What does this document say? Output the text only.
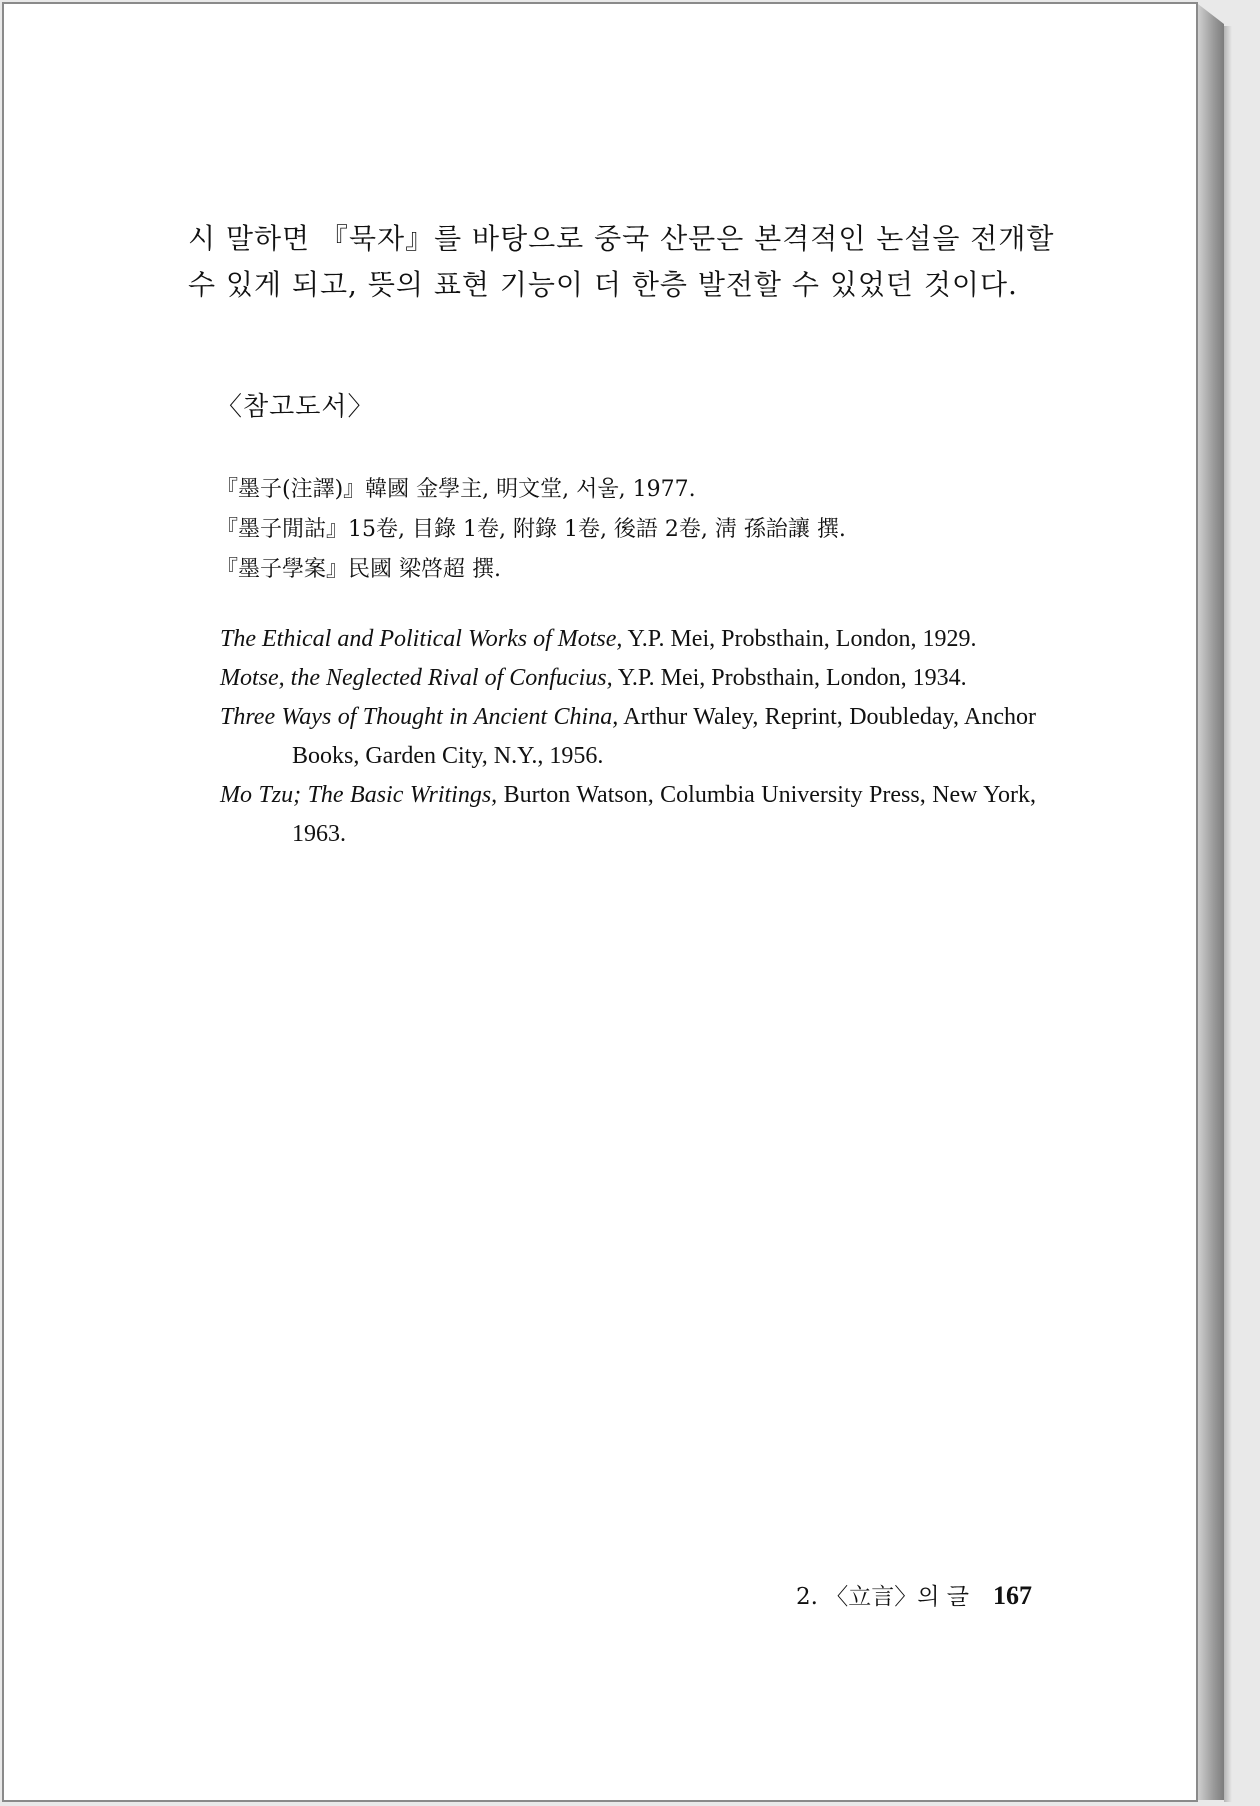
시 말하면 『묵자』를 바탕으로 중국 산문은 본격적인 논설을 전개할

수 있게 되고, 뜻의 표현 기능이 더 한층 발전할 수 있었던 것이다.

〈참고도서〉

『墨子(注譯)』韓國 金學主, 明文堂, 서울, 1977.

『墨子閒詁』15卷, 目錄 1卷, 附錄 1卷, 後語 2卷, 淸 孫詒讓 撰.

『墨子學案』民國 梁啓超 撰.

The Ethical and Political Works of Motse, Y.P. Mei, Probsthain, London, 1929.

Motse, the Neglected Rival of Confucius, Y.P. Mei, Probsthain, London, 1934.

Three Ways of Thought in Ancient China, Arthur Waley, Reprint, Doubleday, Anchor Books, Garden City, N.Y., 1956.

Mo Tzu; The Basic Writings, Burton Watson, Columbia University Press, New York, 1963.

2. 〈立言〉의 글 167
